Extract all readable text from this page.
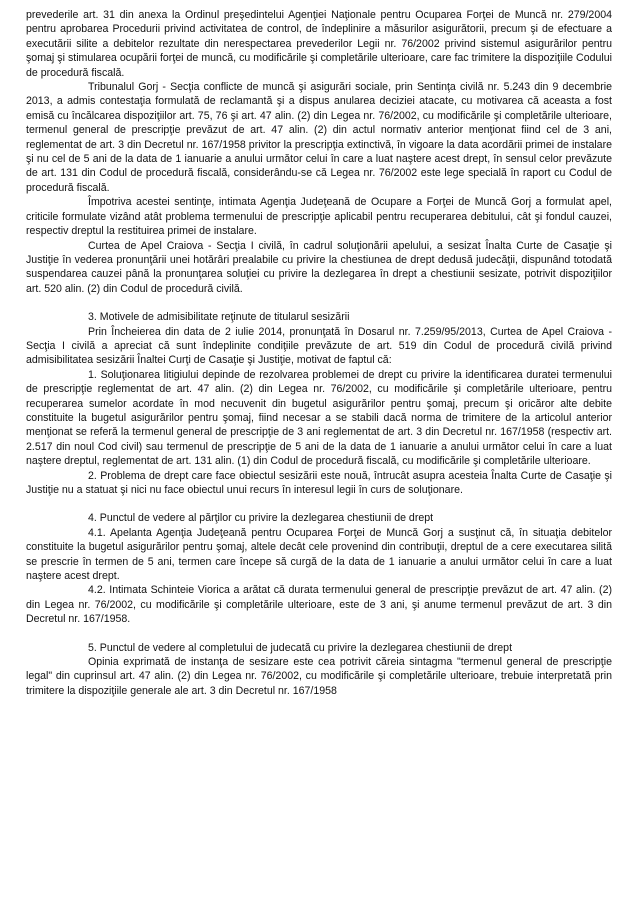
prevederile art. 31 din anexa la Ordinul preşedintelui Agenţiei Naţionale pentru Ocuparea Forţei de Muncă nr. 279/2004 pentru aprobarea Procedurii privind activitatea de control, de îndeplinire a măsurilor asigurătorii, precum şi de efectuare a executării silite a debitelor rezultate din nerespectarea prevederilor Legii nr. 76/2002 privind sistemul asigurărilor pentru şomaj şi stimularea ocupării forţei de muncă, cu modificările şi completările ulterioare, care fac trimitere la dispoziţiile Codului de procedură fiscală.

Tribunalul Gorj - Secţia conflicte de muncă şi asigurări sociale, prin Sentinţa civilă nr. 5.243 din 9 decembrie 2013, a admis contestaţia formulată de reclamantă şi a dispus anularea deciziei atacate, cu motivarea că aceasta a fost emisă cu încălcarea dispoziţiilor art. 75, 76 şi art. 47 alin. (2) din Legea nr. 76/2002, cu modificările şi completările ulterioare, termenul general de prescripţie prevăzut de art. 47 alin. (2) din actul normativ anterior menţionat fiind cel de 3 ani, reglementat de art. 3 din Decretul nr. 167/1958 privitor la prescripţia extinctivă, în vigoare la data acordării primei de instalare şi nu cel de 5 ani de la data de 1 ianuarie a anului următor celui în care a luat naştere acest drept, în sensul celor prevăzute de art. 131 din Codul de procedură fiscală, considerându-se că Legea nr. 76/2002 este lege specială în raport cu Codul de procedură fiscală.

Împotriva acestei sentinţe, intimata Agenţia Judeţeană de Ocupare a Forţei de Muncă Gorj a formulat apel, criticile formulate vizând atât problema termenului de prescripţie aplicabil pentru recuperarea debitului, cât şi fondul cauzei, respectiv dreptul la restituirea primei de instalare.

Curtea de Apel Craiova - Secţia I civilă, în cadrul soluţionării apelului, a sesizat Înalta Curte de Casaţie şi Justiţie în vederea pronunţării unei hotărâri prealabile cu privire la chestiunea de drept dedusă judecăţii, dispunând totodată suspendarea cauzei până la pronunţarea soluţiei cu privire la dezlegarea în drept a chestiunii sesizate, potrivit dispoziţiilor art. 520 alin. (2) din Codul de procedură civilă.

3. Motivele de admisibilitate reţinute de titularul sesizării

Prin Încheierea din data de 2 iulie 2014, pronunţată în Dosarul nr. 7.259/95/2013, Curtea de Apel Craiova - Secţia I civilă a apreciat că sunt îndeplinite condiţiile prevăzute de art. 519 din Codul de procedură civilă privind admisibilitatea sesizării Înaltei Curţi de Casaţie şi Justiţie, motivat de faptul că:

1. Soluţionarea litigiului depinde de rezolvarea problemei de drept cu privire la identificarea duratei termenului de prescripţie reglementat de art. 47 alin. (2) din Legea nr. 76/2002, cu modificările şi completările ulterioare, pentru recuperarea sumelor acordate în mod necuvenit din bugetul asigurărilor pentru şomaj, precum şi oricăror alte debite constituite la bugetul asigurărilor pentru şomaj, fiind necesar a se stabili dacă norma de trimitere de la articolul anterior menţionat se referă la termenul general de prescripţie de 3 ani reglementat de art. 3 din Decretul nr. 167/1958 (respectiv art. 2.517 din noul Cod civil) sau termenul de prescripţie de 5 ani de la data de 1 ianuarie a anului următor celui în care a luat naştere dreptul, reglementat de art. 131 alin. (1) din Codul de procedură fiscală, cu modificările şi completările ulterioare.

2. Problema de drept care face obiectul sesizării este nouă, întrucât asupra acesteia Înalta Curte de Casaţie şi Justiţie nu a statuat şi nici nu face obiectul unui recurs în interesul legii în curs de soluţionare.

4. Punctul de vedere al părţilor cu privire la dezlegarea chestiunii de drept

4.1. Apelanta Agenţia Judeţeană pentru Ocuparea Forţei de Muncă Gorj a susţinut că, în situaţia debitelor constituite la bugetul asigurărilor pentru şomaj, altele decât cele provenind din contribuţii, dreptul de a cere executarea silită se prescrie în termen de 5 ani, termen care începe să curgă de la data de 1 ianuarie a anului următor celui în care a luat naştere acest drept.

4.2. Intimata Schinteie Viorica a arătat că durata termenului general de prescripţie prevăzut de art. 47 alin. (2) din Legea nr. 76/2002, cu modificările şi completările ulterioare, este de 3 ani, şi anume termenul prevăzut de art. 3 din Decretul nr. 167/1958.

5. Punctul de vedere al completului de judecată cu privire la dezlegarea chestiunii de drept

Opinia exprimată de instanţa de sesizare este cea potrivit căreia sintagma "termenul general de prescripţie legal" din cuprinsul art. 47 alin. (2) din Legea nr. 76/2002, cu modificările şi completările ulterioare, trebuie interpretată prin trimitere la dispoziţiile generale ale art. 3 din Decretul nr. 167/1958
